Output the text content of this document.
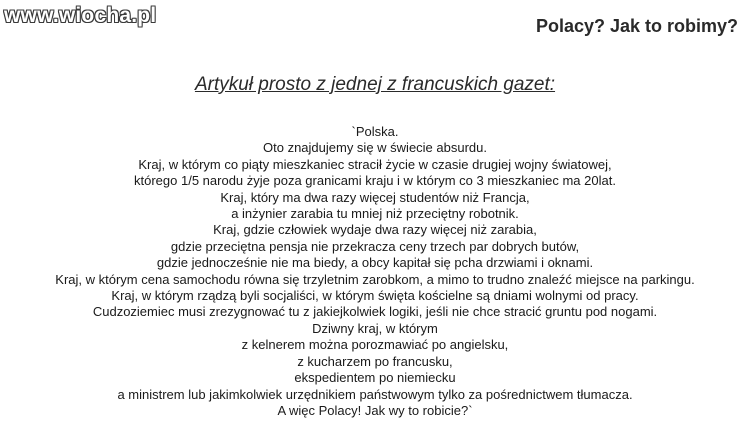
www.wiocha.pl	Polacy? Jak to robimy?
Artykuł prosto z jednej z francuskich gazet:
`Polska.
Oto znajdujemy się w świecie absurdu.
Kraj, w którym co piąty mieszkaniec stracił życie w czasie drugiej wojny światowej,
którego 1/5 narodu żyje poza granicami kraju i w którym co 3 mieszkaniec ma 20lat.
Kraj, który ma dwa razy więcej studentów niż Francja,
a inżynier zarabia tu mniej niż przeciętny robotnik.
Kraj, gdzie człowiek wydaje dwa razy więcej niż zarabia,
gdzie przeciętna pensja nie przekracza ceny trzech par dobrych butów,
gdzie jednocześnie nie ma biedy, a obcy kapitał się pcha drzwiami i oknami.
Kraj, w którym cena samochodu równa się trzyletnim zarobkom, a mimo to trudno znaleźć miejsce na parkingu.
Kraj, w którym rządzą byli socjaliści, w którym święta kościelne są dniami wolnymi od pracy.
Cudzoziemiec musi zrezygnować tu z jakiejkolwiek logiki, jeśli nie chce stracić gruntu pod nogami.
Dziwny kraj, w którym
z kelnerem można porozmawiać po angielsku,
z kucharzem po francusku,
ekspedientem po niemiecku
a ministrem lub jakimkolwiek urzędnikiem państwowym tylko za pośrednictwem tłumacza.
A więc Polacy! Jak wy to robicie?`
